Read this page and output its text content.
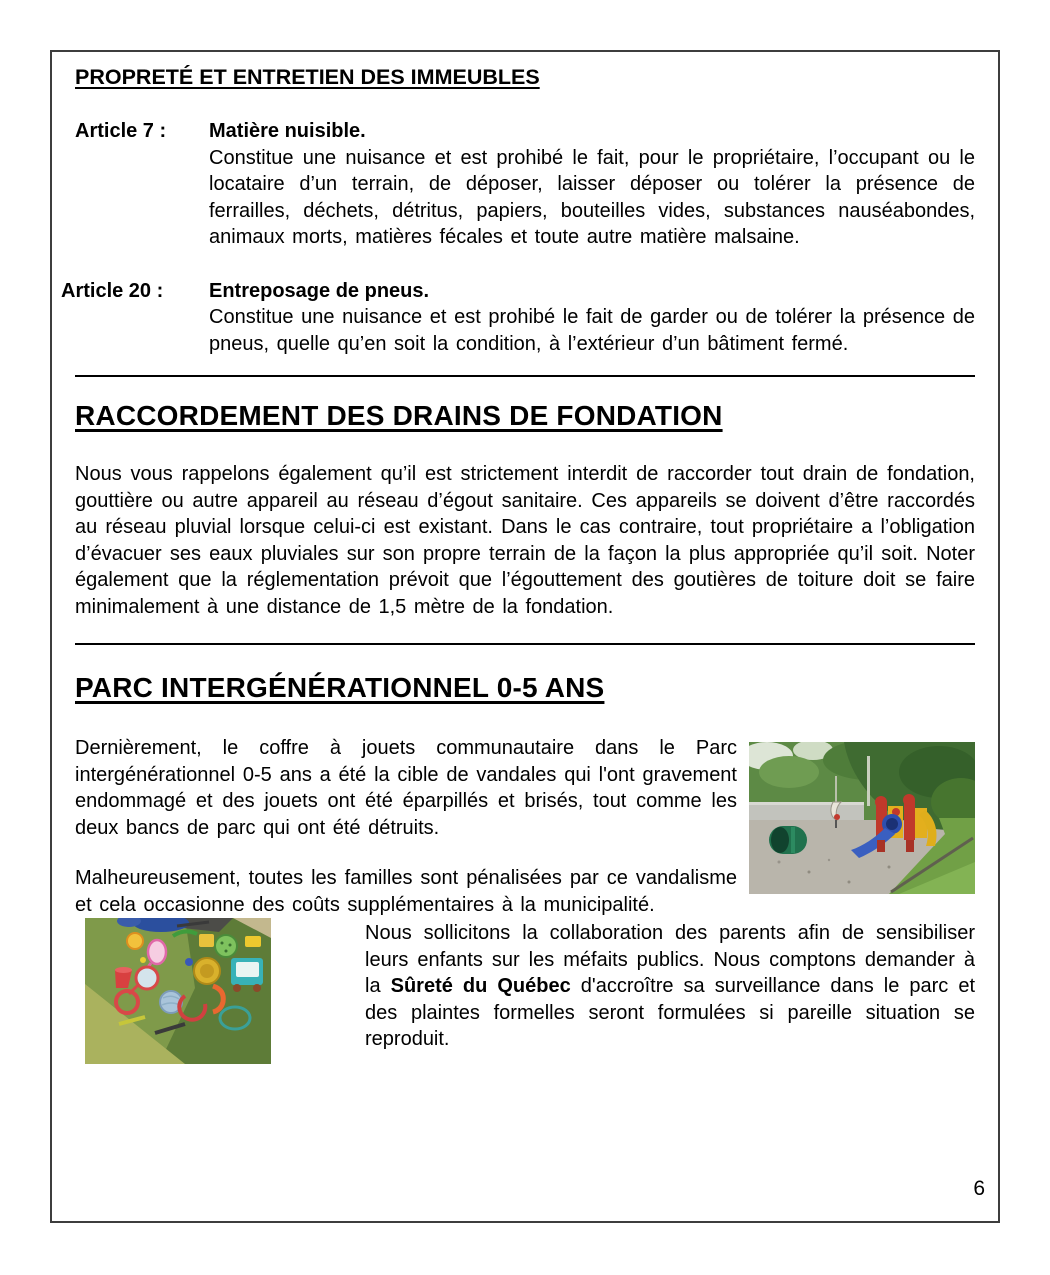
PROPRETÉ ET ENTRETIEN DES IMMEUBLES
Article 7 :	Matière nuisible.

Constitue une nuisance et est prohibé le fait, pour le propriétaire, l’occupant ou le locataire d’un terrain, de déposer, laisser déposer ou tolérer la présence de ferrailles, déchets, détritus, papiers, bouteilles vides, substances nauséabondes, animaux morts, matières fécales et toute autre matière malsaine.

Article 20 :	Entreposage de pneus.

Constitue une nuisance et est prohibé le fait de garder ou de tolérer la présence de pneus, quelle qu’en soit la condition, à l’extérieur d’un bâtiment fermé.

RACCORDEMENT DES DRAINS DE FONDATION

Nous vous rappelons également qu’il est strictement interdit de raccorder tout drain de fondation, gouttière ou autre appareil au réseau d’égout sanitaire. Ces appareils se doivent d’être raccordés au réseau pluvial lorsque celui-ci est existant. Dans le cas contraire, tout propriétaire a l’obligation d’évacuer ses eaux pluviales sur son propre terrain de la façon la plus appropriée qu’il soit. Noter également que la réglementation prévoit que l’égouttement des goutières de toiture doit se faire minimalement à une distance de 1,5 mètre de la fondation.

PARC INTERGÉNÉRATIONNEL 0-5 ANS

Dernièrement, le coffre à jouets communautaire dans le Parc intergénérationnel 0-5 ans a été la cible de vandales qui l'ont gravement endommagé et des jouets ont été éparpillés et brisés, tout comme les deux bancs de parc qui ont été détruits.

Malheureusement, toutes les familles sont pénalisées par ce vandalisme et cela occasionne des coûts supplémentaires à la municipalité.

Nous sollicitons la collaboration des parents afin de sensibiliser leurs enfants sur les méfaits publics. Nous comptons demander à la Sûreté du Québec d'accroître sa surveillance dans le parc et des plaintes formelles seront formulées si pareille situation se reproduit.

6
